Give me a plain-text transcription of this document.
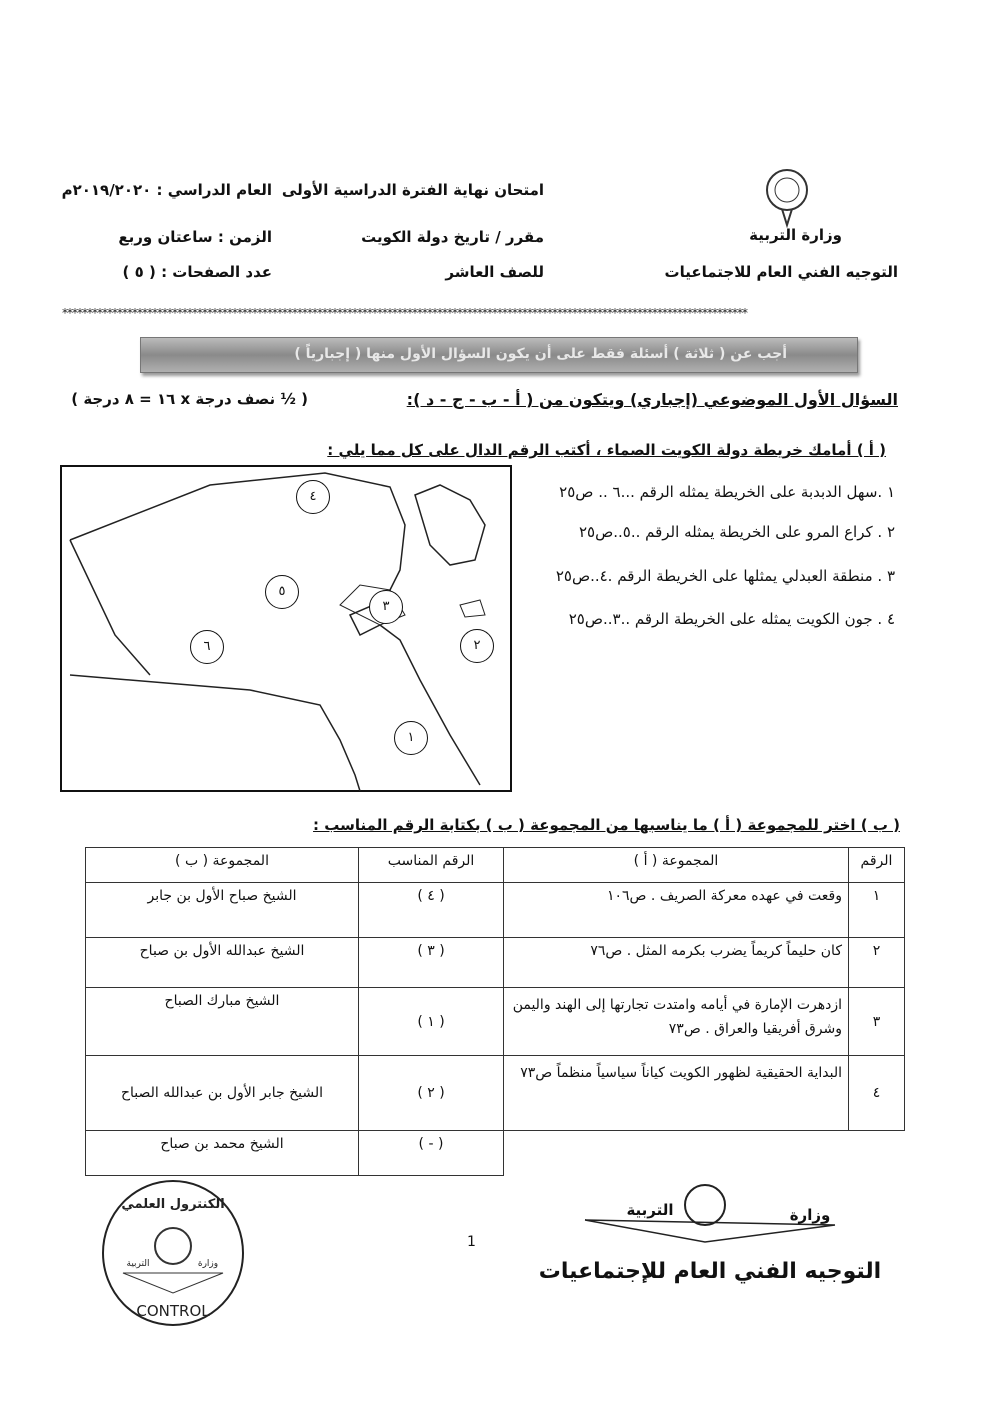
وزارة التربية
التوجيه الفني العام للاجتماعيات
امتحان نهاية الفترة الدراسية الأولى
مقرر / تاريخ دولة الكويت
للصف العاشر
العام الدراسي : ٢٠١٩/٢٠٢٠م
الزمن : ساعتان وربع
عدد الصفحات : ( ٥ )
*****************************************************************************************************************************************
أجب عن ( ثلاثة ) أسئلة فقط على أن يكون السؤال الأول منها ( إجبارياً )
السؤال الأول الموضوعي (إجباري) ويتكون من ( أ - ب - ج - د ):
( ½ نصف درجة x ١٦ = ٨ درجة )
( أ ) أمامك خريطة دولة الكويت الصماء ، أكتب الرقم الدال على كل مما يلي :
٤
٥
٦
٣
٢
١
١ .سهل الدبدبة على الخريطة يمثله الرقم ...٦ .. ص٢٥
٢ . كراع المرو على الخريطة يمثله الرقم ..٥..ص٢٥
٣ . منطقة العبدلي يمثلها على الخريطة الرقم .٤..ص٢٥
٤ . جون الكويت يمثله على الخريطة الرقم ..٣..ص٢٥
( ب ) اختر للمجموعة ( أ ) ما يناسبها من المجموعة ( ب ) بكتابة الرقم المناسب :
الرقم	المجموعة ( أ )	الرقم المناسب	المجموعة ( ب )
١	وقعت في عهده معركة الصريف . ص١٠٦	( ٤ )	الشيخ صباح الأول بن جابر
٢	كان حليماً كريماً يضرب بكرمه المثل . ص٧٦	( ٣ )	الشيخ عبدالله الأول بن صباح
٣	ازدهرت الإمارة في أيامه وامتدت تجارتها إلى الهند واليمن وشرق أفريقيا والعراق . ص٧٣	( ١ )	الشيخ مبارك الصباح
٤	البداية الحقيقية لظهور الكويت كياناً سياسياً منظماً ص٧٣	( ٢ )	الشيخ جابر الأول بن عبدالله الصباح
		( - )	الشيخ محمد بن صباح
الكنترول العلمي
التربية	وزارة
CONTROL
1
التربية	وزارة
التوجيه الفني العام للإجتماعيات
